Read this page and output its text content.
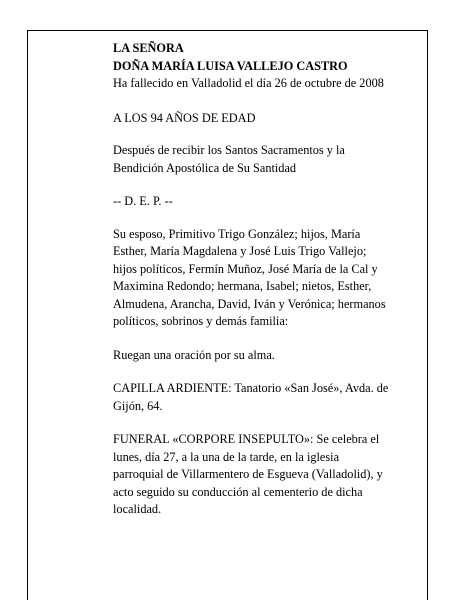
LA SEÑORA

DOÑA MARÍA LUISA VALLEJO CASTRO

Ha fallecido en Valladolid el día 26 de octubre de 2008

A LOS 94 AÑOS DE EDAD

Después de recibir los Santos Sacramentos y la

Bendición Apostólica de Su Santidad

-- D. E. P. --

Su esposo, Primitivo Trigo González; hijos, María

Esther, María Magdalena y José Luis Trigo Vallejo;

hijos políticos, Fermín Muñoz, José María de la Cal y

Maximina Redondo; hermana, Isabel; nietos, Esther,

Almudena, Arancha, David, Iván y Verónica; hermanos

políticos, sobrinos y demás familia:

Ruegan una oración por su alma.

CAPILLA ARDIENTE: Tanatorio «San José», Avda. de

Gijón, 64.

FUNERAL «CORPORE INSEPULTO»: Se celebra el

lunes, día 27, a la una de la tarde, en la iglesia

parroquial de Villarmentero de Esgueva (Valladolid), y

acto seguido su conducción al cementerio de dicha

localidad.
